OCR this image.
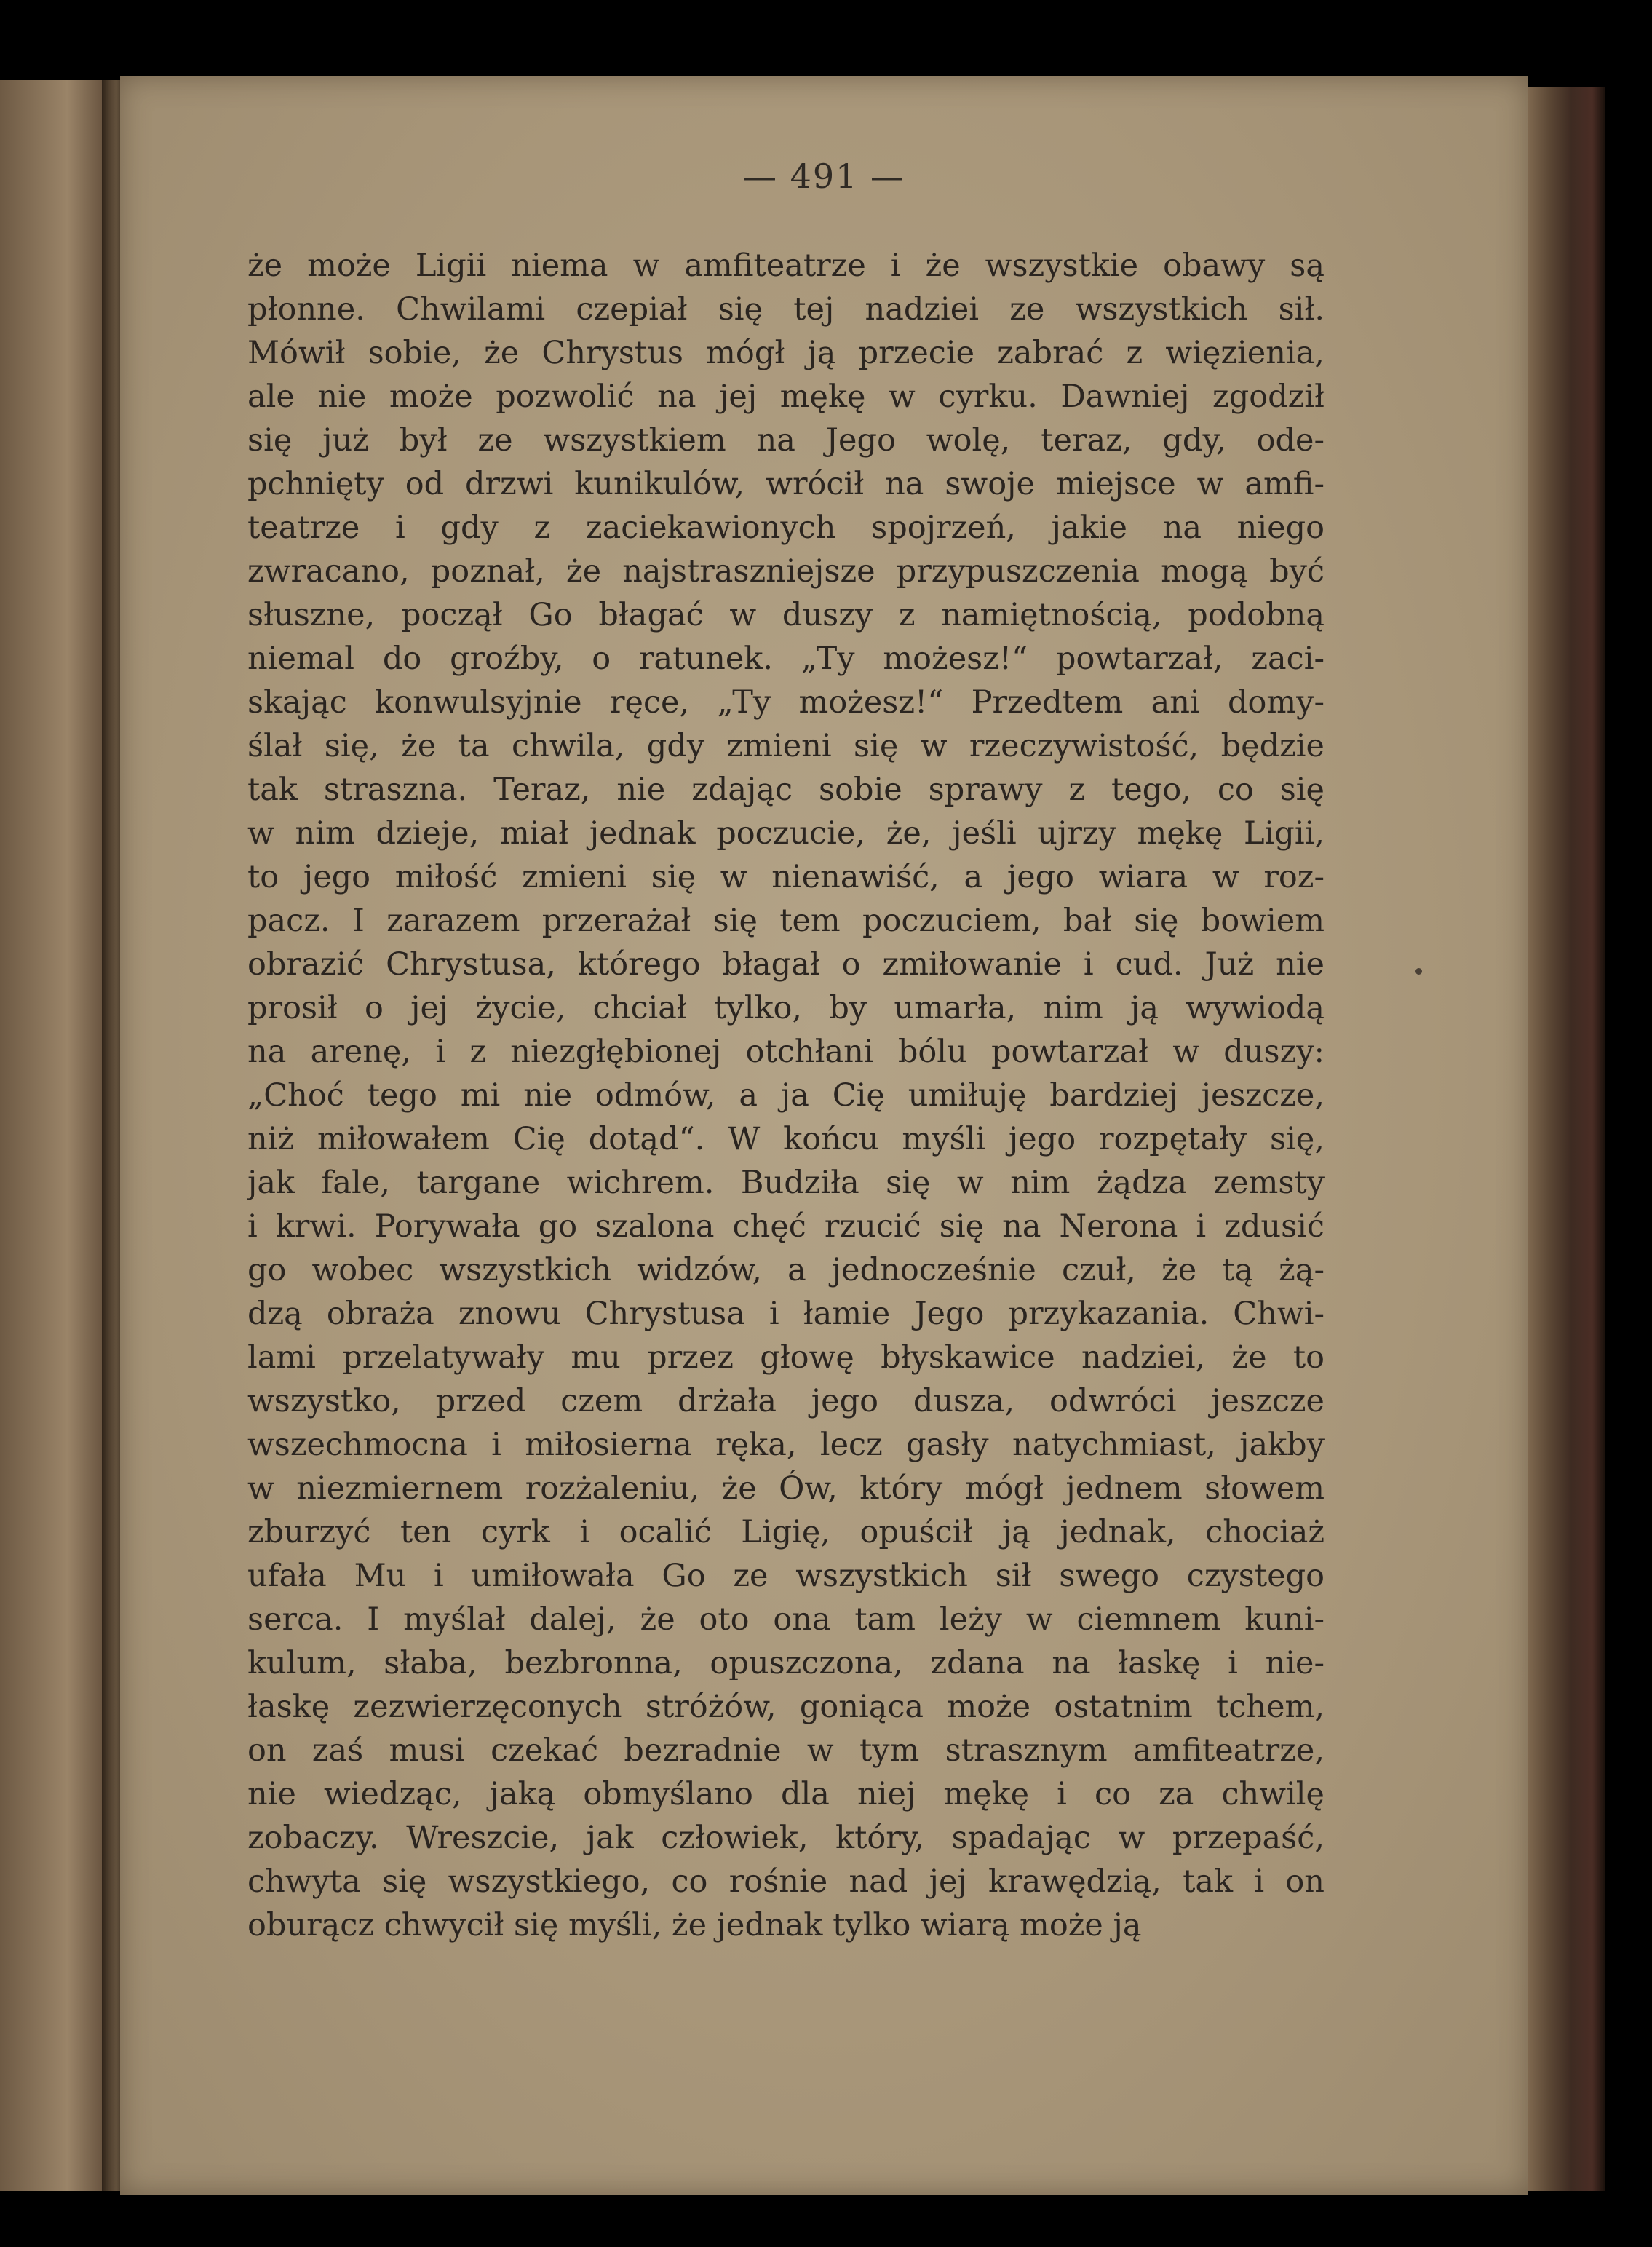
— 491 —
że może Ligii niema w amfiteatrze i że wszystkie obawy są
płonne. Chwilami czepiał się tej nadziei ze wszystkich sił.
Mówił sobie, że Chrystus mógł ją przecie zabrać z więzienia,
ale nie może pozwolić na jej mękę w cyrku. Dawniej zgodził
się już był ze wszystkiem na Jego wolę, teraz, gdy, ode-
pchnięty od drzwi kunikulów, wrócił na swoje miejsce w amfi-
teatrze i gdy z zaciekawionych spojrzeń, jakie na niego
zwracano, poznał, że najstraszniejsze przypuszczenia mogą być
słuszne, począł Go błagać w duszy z namiętnością, podobną
niemal do groźby, o ratunek. „Ty możesz!“ powtarzał, zaci-
skając konwulsyjnie ręce, „Ty możesz!“ Przedtem ani domy-
ślał się, że ta chwila, gdy zmieni się w rzeczywistość, będzie
tak straszna. Teraz, nie zdając sobie sprawy z tego, co się
w nim dzieje, miał jednak poczucie, że, jeśli ujrzy mękę Ligii,
to jego miłość zmieni się w nienawiść, a jego wiara w roz-
pacz. I zarazem przerażał się tem poczuciem, bał się bowiem
obrazić Chrystusa, którego błagał o zmiłowanie i cud. Już nie
prosił o jej życie, chciał tylko, by umarła, nim ją wywiodą
na arenę, i z niezgłębionej otchłani bólu powtarzał w duszy:
„Choć tego mi nie odmów, a ja Cię umiłuję bardziej jeszcze,
niż miłowałem Cię dotąd“. W końcu myśli jego rozpętały się,
jak fale, targane wichrem. Budziła się w nim żądza zemsty
i krwi. Porywała go szalona chęć rzucić się na Nerona i zdusić
go wobec wszystkich widzów, a jednocześnie czuł, że tą żą-
dzą obraża znowu Chrystusa i łamie Jego przykazania. Chwi-
lami przelatywały mu przez głowę błyskawice nadziei, że to
wszystko, przed czem drżała jego dusza, odwróci jeszcze
wszechmocna i miłosierna ręka, lecz gasły natychmiast, jakby
w niezmiernem rozżaleniu, że Ów, który mógł jednem słowem
zburzyć ten cyrk i ocalić Ligię, opuścił ją jednak, chociaż
ufała Mu i umiłowała Go ze wszystkich sił swego czystego
serca. I myślał dalej, że oto ona tam leży w ciemnem kuni-
kulum, słaba, bezbronna, opuszczona, zdana na łaskę i nie-
łaskę zezwierzęconych stróżów, goniąca może ostatnim tchem,
on zaś musi czekać bezradnie w tym strasznym amfiteatrze,
nie wiedząc, jaką obmyślano dla niej mękę i co za chwilę
zobaczy. Wreszcie, jak człowiek, który, spadając w przepaść,
chwyta się wszystkiego, co rośnie nad jej krawędzią, tak i on
oburącz chwycił się myśli, że jednak tylko wiarą może ją
